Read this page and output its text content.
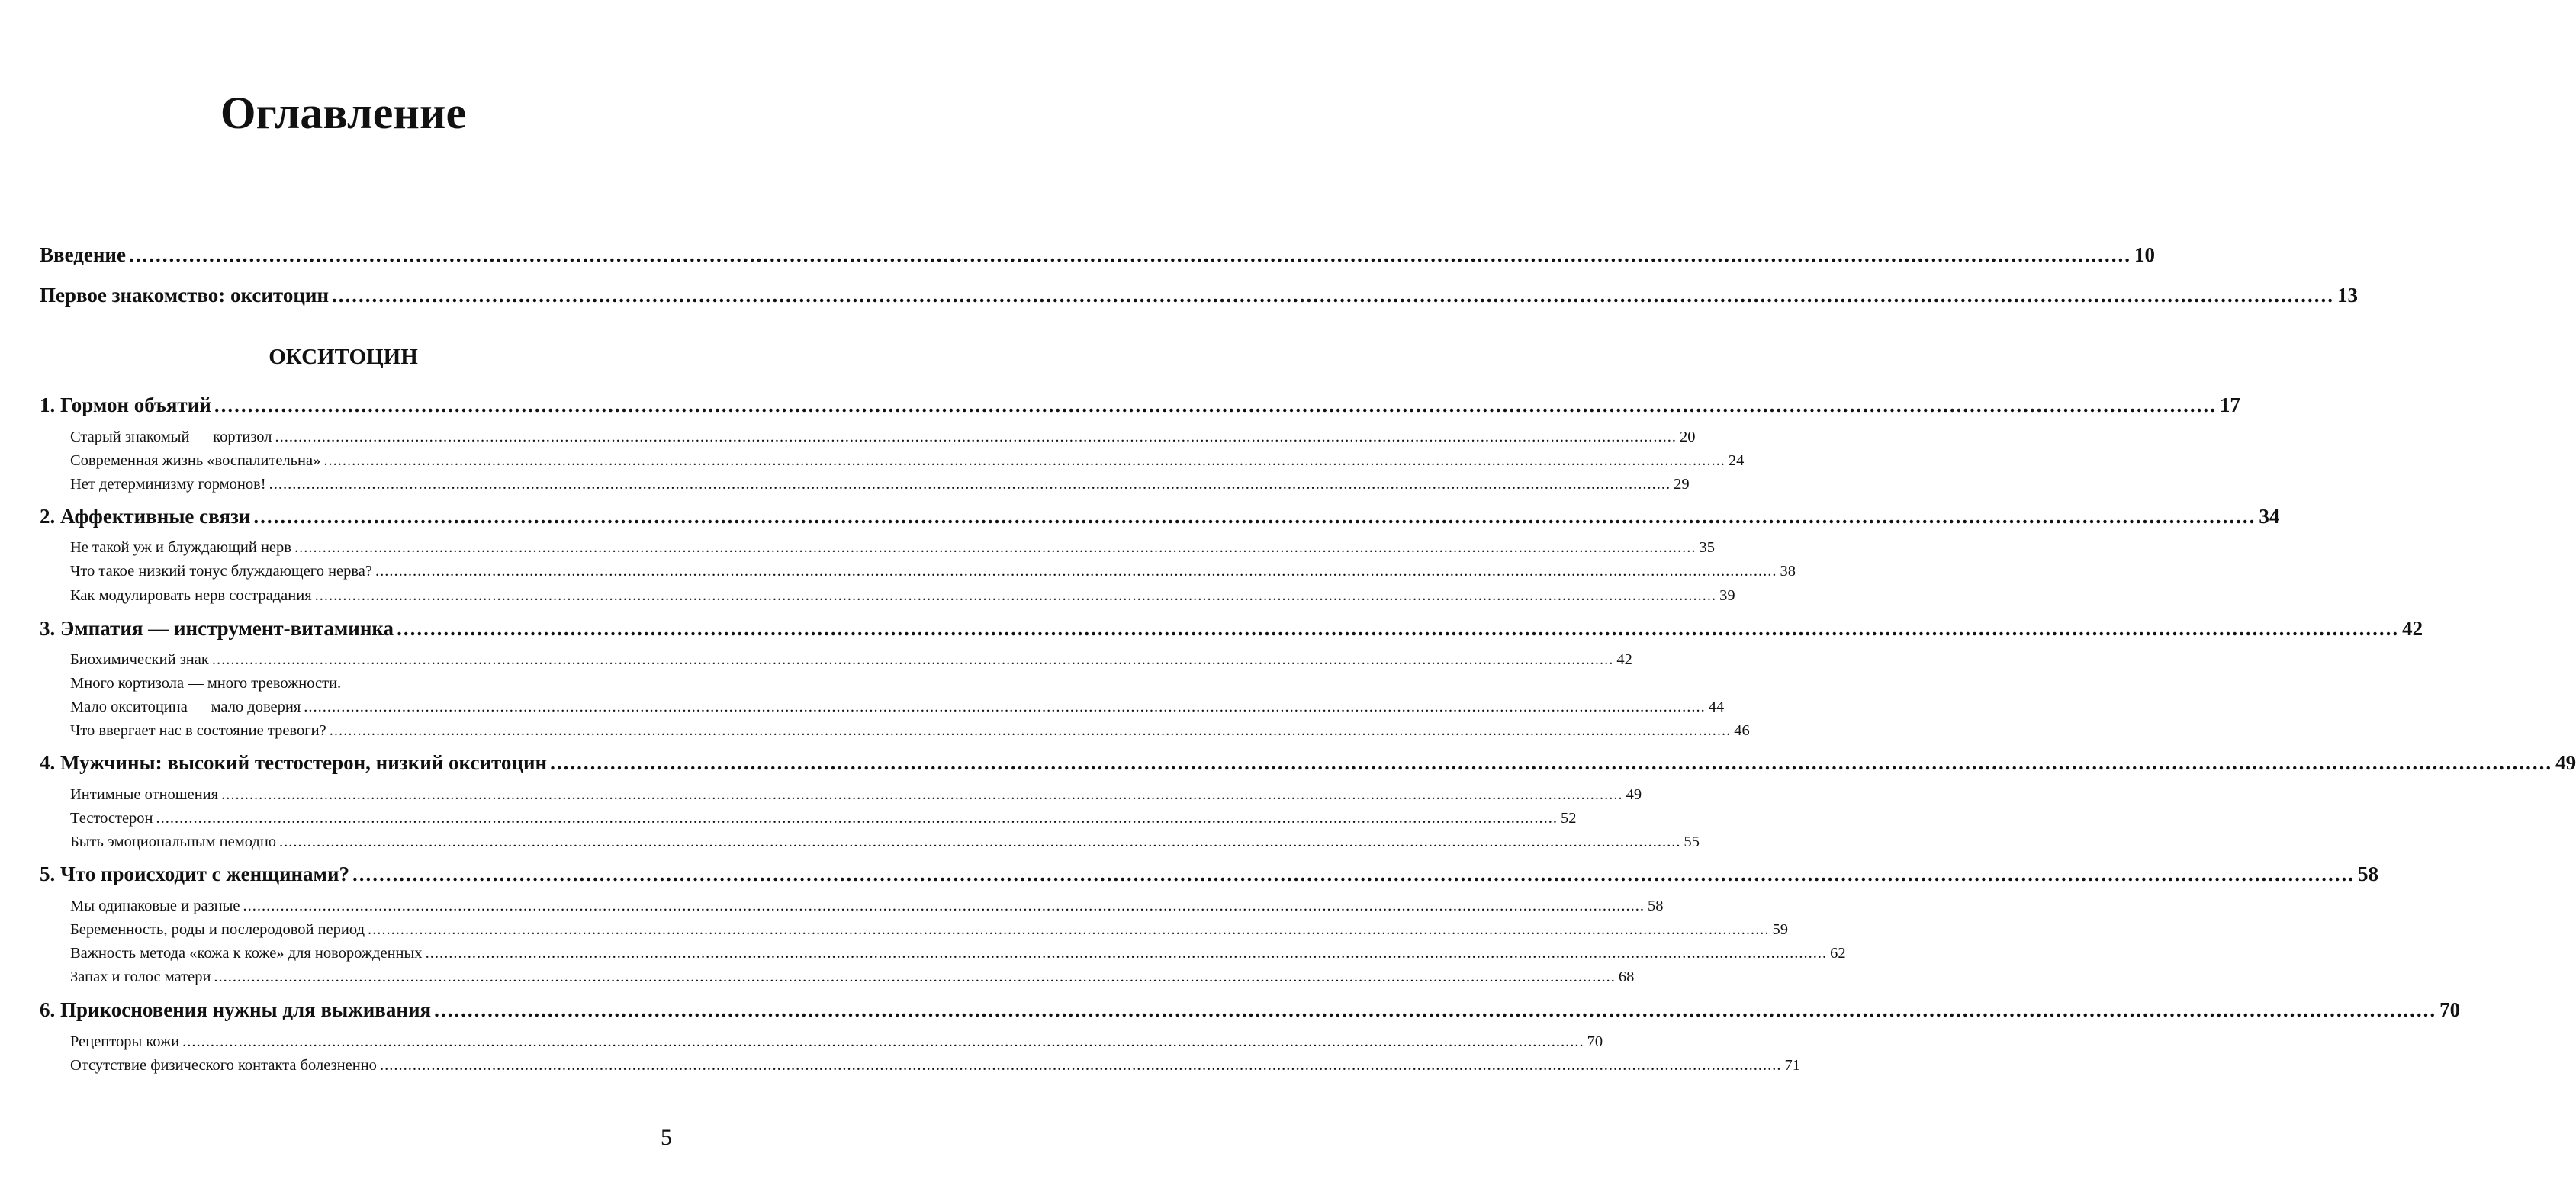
Оглавление
ОКСИТОЦИН
Введение ............................................................................................................................................................................................................................................................................................................ 10
Первое знакомство: окситоцин ............................................................................................................................................................................................................................................................................................................ 13
1. Гормон объятий ............................................................................................................................................................................................................................................................................................................ 17
Старый знакомый — кортизол ............................................................................................................................................................................................................................................................................................................ 20
Современная жизнь «воспалительна» ............................................................................................................................................................................................................................................................................................................ 24
Нет детерминизму гормонов! ............................................................................................................................................................................................................................................................................................................ 29
2. Аффективные связи ............................................................................................................................................................................................................................................................................................................ 34
Не такой уж и блуждающий нерв ............................................................................................................................................................................................................................................................................................................ 35
Что такое низкий тонус блуждающего нерва? ............................................................................................................................................................................................................................................................................................................ 38
Как модулировать нерв сострадания ............................................................................................................................................................................................................................................................................................................ 39
3. Эмпатия — инструмент-витаминка ............................................................................................................................................................................................................................................................................................................ 42
Биохимический знак ............................................................................................................................................................................................................................................................................................................ 42
Много кортизола — много тревожности.
Мало окситоцина — мало доверия ............................................................................................................................................................................................................................................................................................................ 44
Что ввергает нас в состояние тревоги? ............................................................................................................................................................................................................................................................................................................ 46
4. Мужчины: высокий тестостерон, низкий окситоцин ............................................................................................................................................................................................................................................................................................................ 49
Интимные отношения ............................................................................................................................................................................................................................................................................................................ 49
Тестостерон ............................................................................................................................................................................................................................................................................................................ 52
Быть эмоциональным немодно ............................................................................................................................................................................................................................................................................................................ 55
5. Что происходит с женщинами? ............................................................................................................................................................................................................................................................................................................ 58
Мы одинаковые и разные ............................................................................................................................................................................................................................................................................................................ 58
Беременность, роды и послеродовой период ............................................................................................................................................................................................................................................................................................................ 59
Важность метода «кожа к коже» для новорожденных ............................................................................................................................................................................................................................................................................................................ 62
Запах и голос матери ............................................................................................................................................................................................................................................................................................................ 68
6. Прикосновения нужны для выживания ............................................................................................................................................................................................................................................................................................................ 70
Рецепторы кожи ............................................................................................................................................................................................................................................................................................................ 70
Отсутствие физического контакта болезненно ............................................................................................................................................................................................................................................................................................................ 71
5
